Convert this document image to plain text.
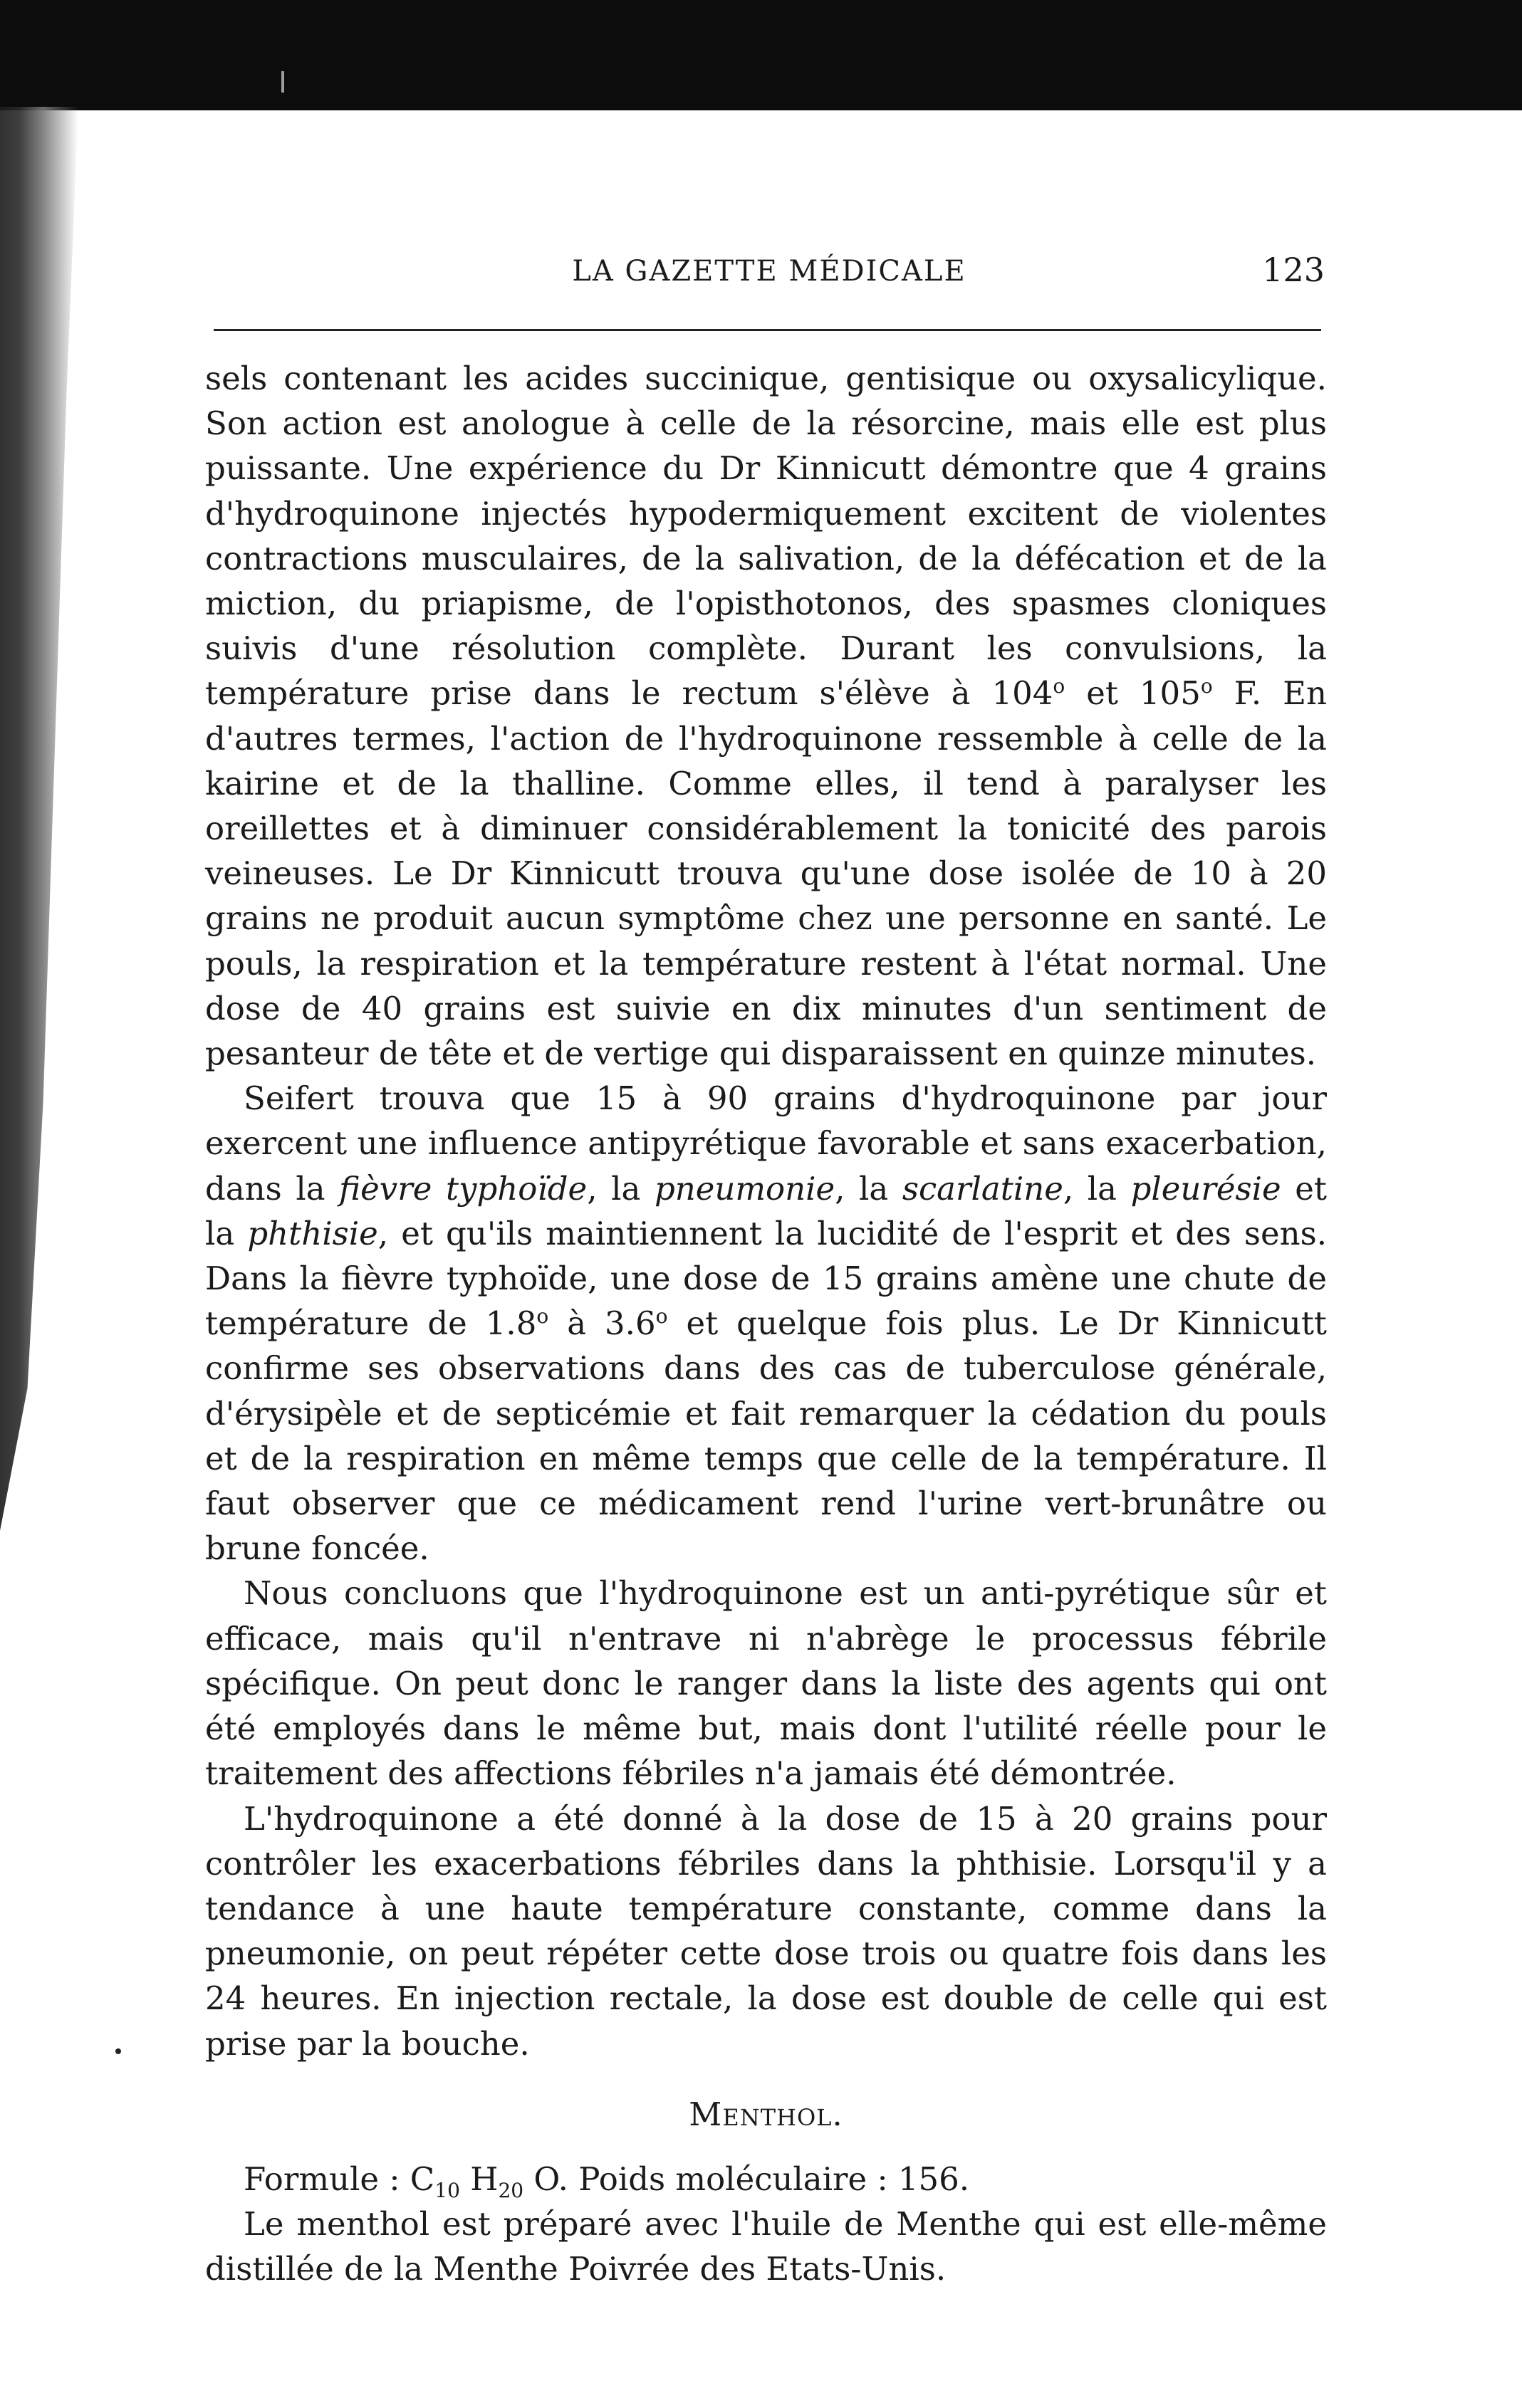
LA GAZETTE MÉDICALE	123

sels contenant les acides succinique, gentisique ou oxysalicylique. Son action est anologue à celle de la résorcine, mais elle est plus puissante. Une expérience du Dr Kinnicutt démontre que 4 grains d'hydroquinone injectés hypodermiquement excitent de violentes contractions musculaires, de la salivation, de la défécation et de la miction, du priapisme, de l'opisthotonos, des spasmes cloniques suivis d'une résolution complète. Durant les convulsions, la température prise dans le rectum s'élève à 104$^o$ et 105$^o$ F. En d'autres termes, l'action de l'hydroquinone ressemble à celle de la kairine et de la thalline. Comme elles, il tend à paralyser les oreillettes et à diminuer considérablement la tonicité des parois veineuses. Le Dr Kinnicutt trouva qu'une dose isolée de 10 à 20 grains ne produit aucun symptôme chez une personne en santé. Le pouls, la respiration et la température restent à l'état normal. Une dose de 40 grains est suivie en dix minutes d'un sentiment de pesanteur de tête et de vertige qui disparaissent en quinze minutes.

Seifert trouva que 15 à 90 grains d'hydroquinone par jour exercent une influence antipyrétique favorable et sans exacerbation, dans la fièvre typhoïde, la pneumonie, la scarlatine, la pleurésie et la phthisie, et qu'ils maintiennent la lucidité de l'esprit et des sens. Dans la fièvre typhoïde, une dose de 15 grains amène une chute de température de 1.8$^o$ à 3.6$^o$ et quelque fois plus. Le Dr Kinnicutt confirme ses observations dans des cas de tuberculose générale, d'érysipèle et de septicémie et fait remarquer la cédation du pouls et de la respiration en même temps que celle de la température. Il faut observer que ce médicament rend l'urine vert-brunâtre ou brune foncée.

Nous concluons que l'hydroquinone est un anti-pyrétique sûr et efficace, mais qu'il n'entrave ni n'abrège le processus fébrile spécifique. On peut donc le ranger dans la liste des agents qui ont été employés dans le même but, mais dont l'utilité réelle pour le traitement des affections fébriles n'a jamais été démontrée.

L'hydroquinone a été donné à la dose de 15 à 20 grains pour contrôler les exacerbations fébriles dans la phthisie. Lorsqu'il y a tendance à une haute température constante, comme dans la pneumonie, on peut répéter cette dose trois ou quatre fois dans les 24 heures. En injection rectale, la dose est double de celle qui est prise par la bouche.

Menthol.

Formule : $C_{10}$ $H_{20}$ O. Poids moléculaire : 156.

Le menthol est préparé avec l'huile de Menthe qui est elle-même distillée de la Menthe Poivrée des Etats-Unis.
